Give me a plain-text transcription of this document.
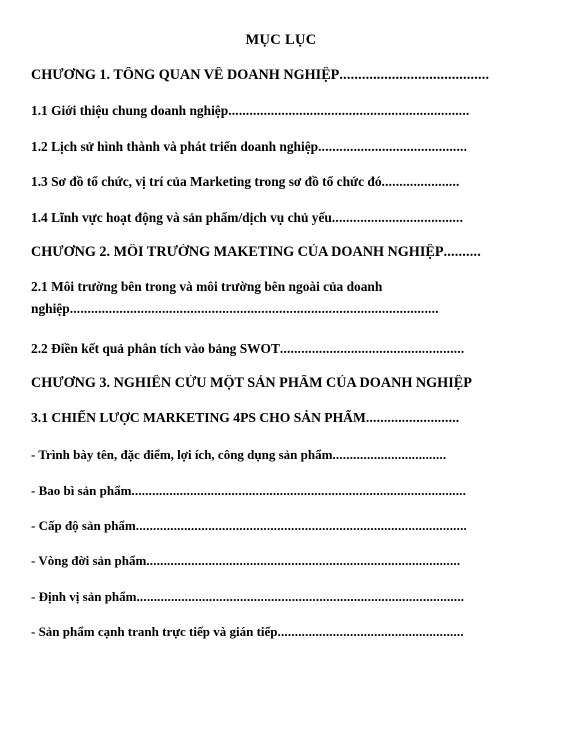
MỤC LỤC
CHƯƠNG 1. TỔNG QUAN VỀ DOANH NGHIỆP........................................
1.1 Giới thiệu chung doanh nghiệp....................................................................
1.2 Lịch sử hình thành và phát triển doanh nghiệp..........................................
1.3 Sơ đồ tổ chức, vị trí của Marketing trong sơ đồ tổ chức đó......................
1.4 Lĩnh vực hoạt động và sản phẩm/dịch vụ chủ yếu.....................................
CHƯƠNG 2. MÔI TRƯỜNG MAKETING CỦA DOANH NGHIỆP..........
2.1 Môi trường bên trong và môi trường bên ngoài của doanh
nghiệp........................................................................................................
2.2 Điền kết quả phân tích vào bảng SWOT....................................................
CHƯƠNG 3. NGHIÊN CỨU MỘT SẢN PHẨM CỦA DOANH NGHIỆP
3.1 CHIẾN LƯỢC MARKETING 4PS CHO SẢN PHẨM..........................
- Trình bày tên, đặc điểm, lợi ích, công dụng sản phẩm.................................
- Bao bì sản phẩm.................................................................................................
- Cấp độ sản phẩm................................................................................................
- Vòng đời sản phẩm...........................................................................................
- Định vị sản phẩm...............................................................................................
- Sản phẩm cạnh tranh trực tiếp và gián tiếp......................................................
